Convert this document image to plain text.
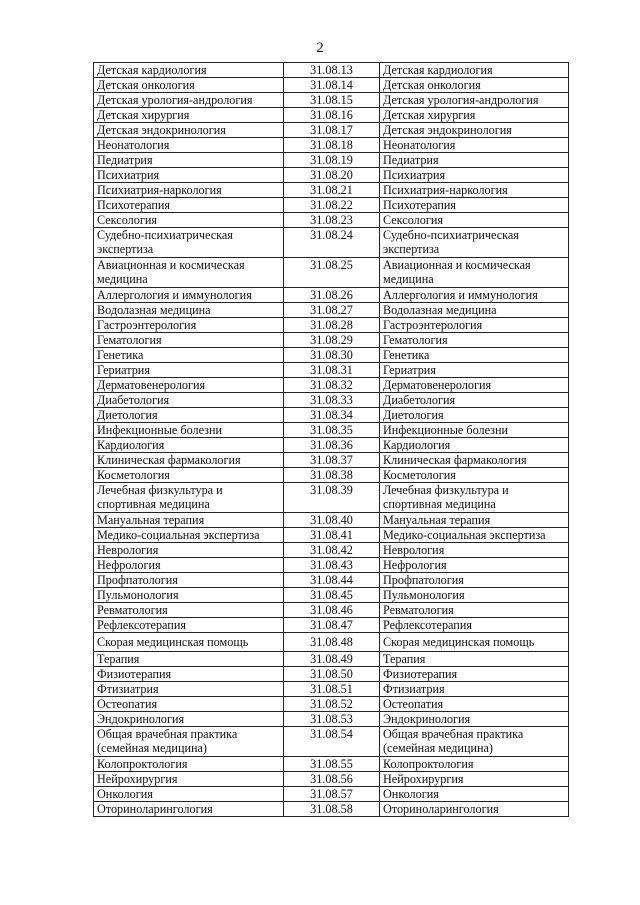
2
Детская кардиология	31.08.13	Детская кардиология
Детская онкология	31.08.14	Детская онкология
Детская урология-андрология	31.08.15	Детская урология-андрология
Детская хирургия	31.08.16	Детская хирургия
Детская эндокринология	31.08.17	Детская эндокринология
Неонатология	31.08.18	Неонатология
Педиатрия	31.08.19	Педиатрия
Психиатрия	31.08.20	Психиатрия
Психиатрия-наркология	31.08.21	Психиатрия-наркология
Психотерапия	31.08.22	Психотерапия
Сексология	31.08.23	Сексология
Судебно-психиатрическая экспертиза	31.08.24	Судебно-психиатрическая экспертиза
Авиационная и космическая медицина	31.08.25	Авиационная и космическая медицина
Аллергология и иммунология	31.08.26	Аллергология и иммунология
Водолазная медицина	31.08.27	Водолазная медицина
Гастроэнтерология	31.08.28	Гастроэнтерология
Гематология	31.08.29	Гематология
Генетика	31.08.30	Генетика
Гериатрия	31.08.31	Гериатрия
Дерматовенерология	31.08.32	Дерматовенерология
Диабетология	31.08.33	Диабетология
Диетология	31.08.34	Диетология
Инфекционные болезни	31.08.35	Инфекционные болезни
Кардиология	31.08.36	Кардиология
Клиническая фармакология	31.08.37	Клиническая фармакология
Косметология	31.08.38	Косметология
Лечебная физкультура и спортивная медицина	31.08.39	Лечебная физкультура и спортивная медицина
Мануальная терапия	31.08.40	Мануальная терапия
Медико-социальная экспертиза	31.08.41	Медико-социальная экспертиза
Неврология	31.08.42	Неврология
Нефрология	31.08.43	Нефрология
Профпатология	31.08.44	Профпатология
Пульмонология	31.08.45	Пульмонология
Ревматология	31.08.46	Ревматология
Рефлексотерапия	31.08.47	Рефлексотерапия
Скорая медицинская помощь	31.08.48	Скорая медицинская помощь
Терапия	31.08.49	Терапия
Физиотерапия	31.08.50	Физиотерапия
Фтизиатрия	31.08.51	Фтизиатрия
Остеопатия	31.08.52	Остеопатия
Эндокринология	31.08.53	Эндокринология
Общая врачебная практика (семейная медицина)	31.08.54	Общая врачебная практика (семейная медицина)
Колопроктология	31.08.55	Колопроктология
Нейрохирургия	31.08.56	Нейрохирургия
Онкология	31.08.57	Онкология
Оториноларингология	31.08.58	Оториноларингология
